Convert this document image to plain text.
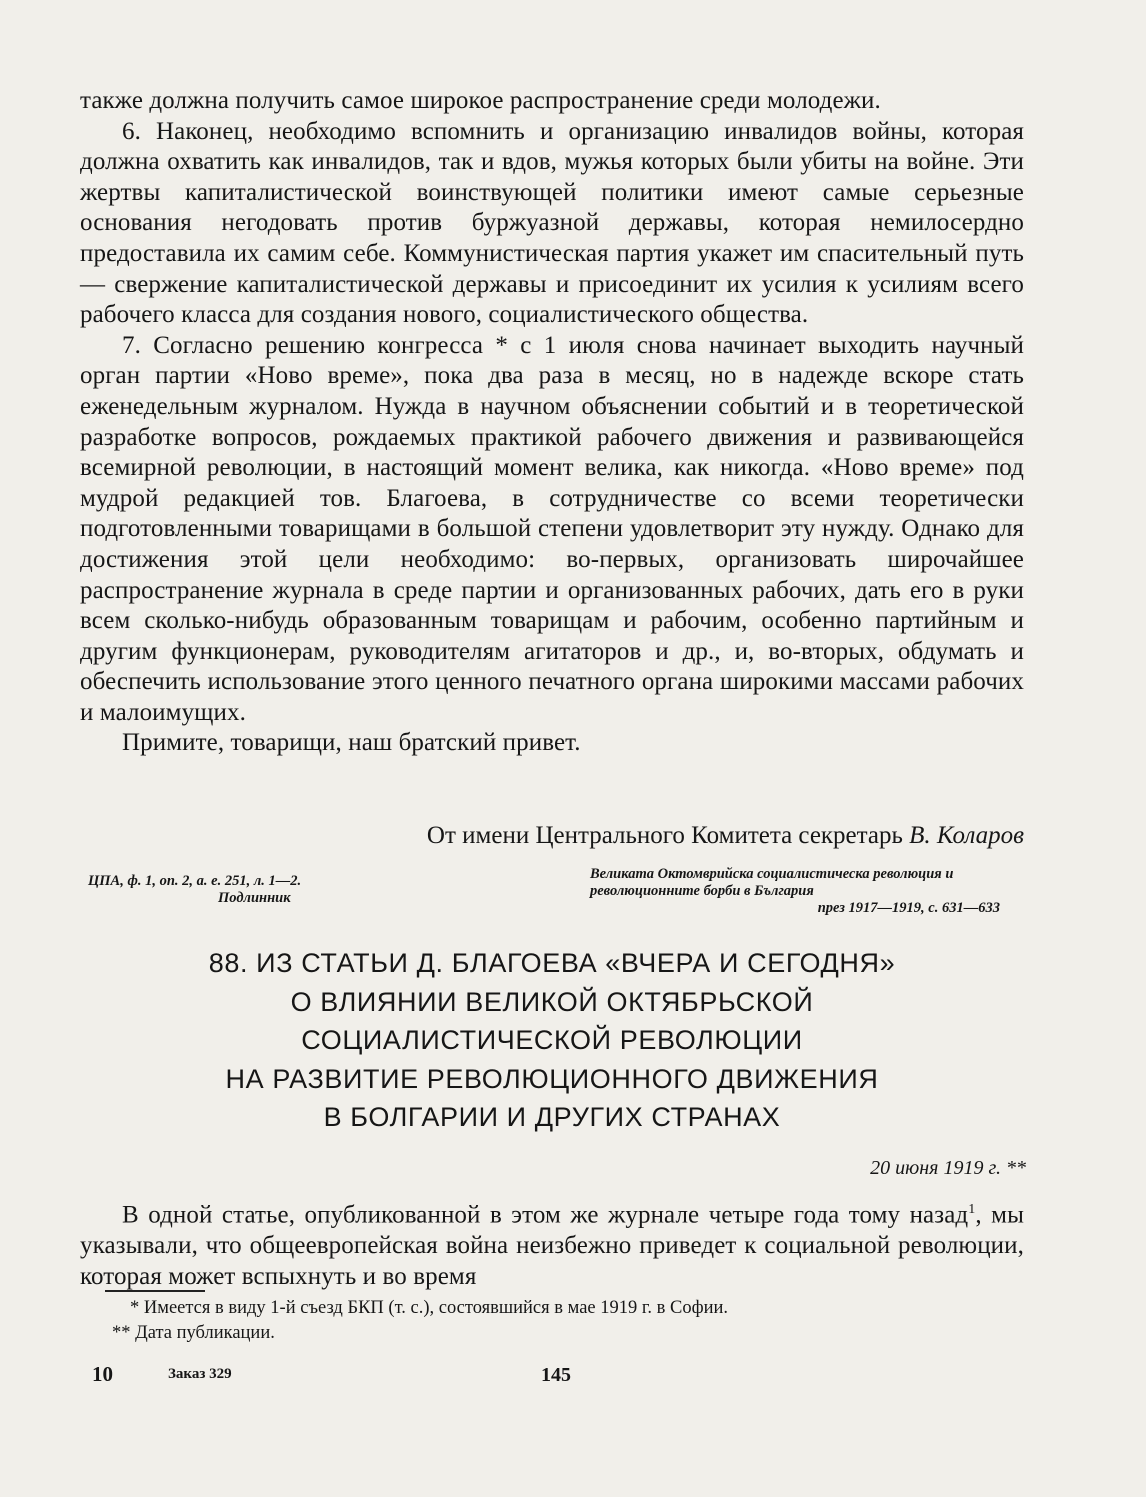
также должна получить самое широкое распространение среди молодежи.

6. Наконец, необходимо вспомнить и организацию инвалидов войны, которая должна охватить как инвалидов, так и вдов, мужья которых были убиты на войне. Эти жертвы капиталистической воинствующей политики имеют самые серьезные основания негодовать против буржуазной державы, которая немилосердно предоставила их самим себе. Коммунистическая партия укажет им спасительный путь — свержение капиталистической державы и присоединит их усилия к усилиям всего рабочего класса для создания нового, социалистического общества.

7. Согласно решению конгресса * с 1 июля снова начинает выходить научный орган партии «Ново време», пока два раза в месяц, но в надежде вскоре стать еженедельным журналом. Нужда в научном объяснении событий и в теоретической разработке вопросов, рождаемых практикой рабочего движения и развивающейся всемирной революции, в настоящий момент велика, как никогда. «Ново време» под мудрой редакцией тов. Благоева, в сотрудничестве со всеми теоретически подготовленными товарищами в большой степени удовлетворит эту нужду. Однако для достижения этой цели необходимо: во-первых, организовать широчайшее распространение журнала в среде партии и организованных рабочих, дать его в руки всем сколько-нибудь образованным товарищам и рабочим, особенно партийным и другим функционерам, руководителям агитаторов и др., и, во-вторых, обдумать и обеспечить использование этого ценного печатного органа широкими массами рабочих и малоимущих.

Примите, товарищи, наш братский привет.

От имени Центрального Комитета секретарь В. Коларов
ЦПА, ф. 1, оп. 2, а. е. 251, л. 1—2.
Подлинник
Великата Октомврийска социалистическа революция и революционните борби в България
през 1917—1919, с. 631—633
88. ИЗ СТАТЬИ Д. БЛАГОЕВА «ВЧЕРА И СЕГОДНЯ»
О ВЛИЯНИИ ВЕЛИКОЙ ОКТЯБРЬСКОЙ
СОЦИАЛИСТИЧЕСКОЙ РЕВОЛЮЦИИ
НА РАЗВИТИЕ РЕВОЛЮЦИОННОГО ДВИЖЕНИЯ
В БОЛГАРИИ И ДРУГИХ СТРАНАХ
20 июня 1919 г. **

В одной статье, опубликованной в этом же журнале четыре года тому назад$^1$, мы указывали, что общеевропейская война неизбежно приведет к социальной революции, которая может вспыхнуть и во время

* Имеется в виду 1-й съезд БКП (т. с.), состоявшийся в мае 1919 г. в Софии.
** Дата публикации.
10	Заказ 329	145
